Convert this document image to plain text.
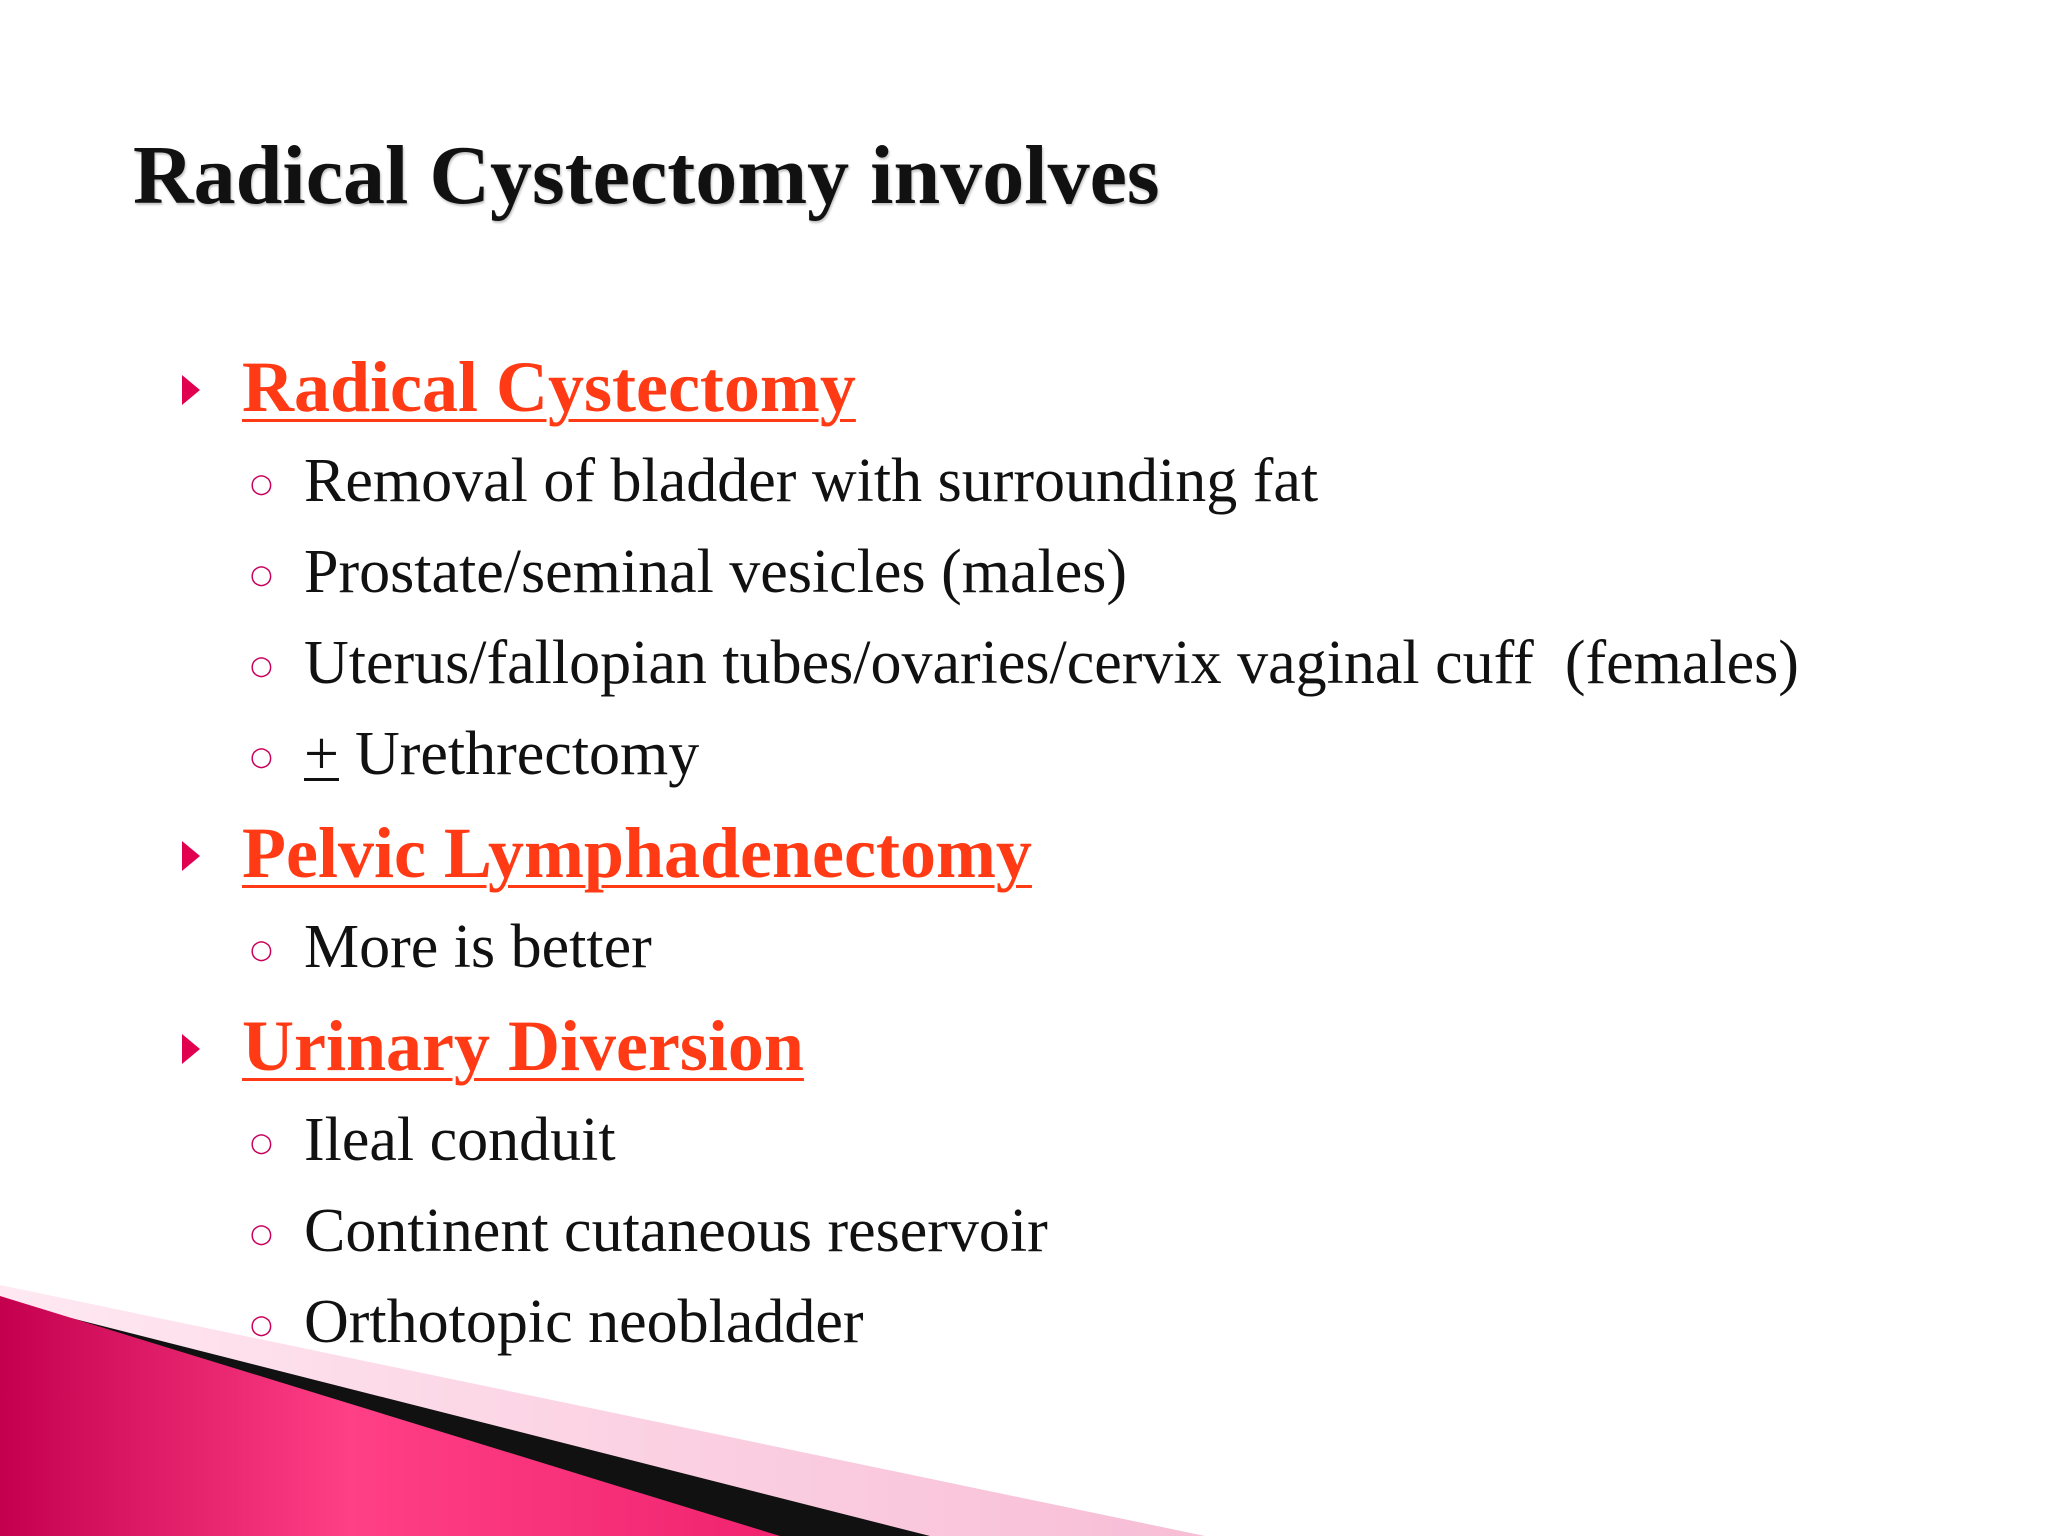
Radical Cystectomy involves
Radical Cystectomy
○ Removal of bladder with surrounding fat
○ Prostate/seminal vesicles (males)
○ Uterus/fallopian tubes/ovaries/cervix vaginal cuff  (females)
○ + Urethrectomy
Pelvic Lymphadenectomy
○ More is better
Urinary Diversion
○ Ileal conduit
○ Continent cutaneous reservoir
○ Orthotopic neobladder
